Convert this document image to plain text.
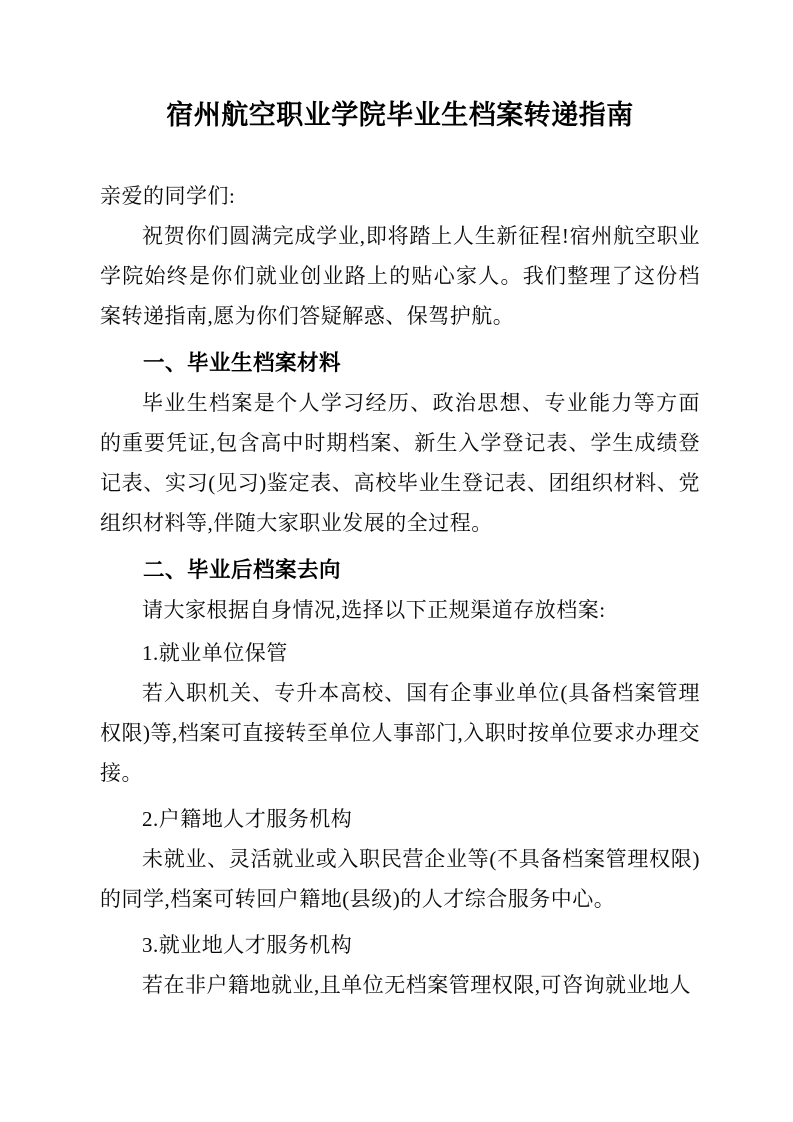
宿州航空职业学院毕业生档案转递指南

亲爱的同学们:

祝贺你们圆满完成学业,即将踏上人生新征程!宿州航空职业学院始终是你们就业创业路上的贴心家人。我们整理了这份档案转递指南,愿为你们答疑解惑、保驾护航。

一、毕业生档案材料

毕业生档案是个人学习经历、政治思想、专业能力等方面的重要凭证,包含高中时期档案、新生入学登记表、学生成绩登记表、实习(见习)鉴定表、高校毕业生登记表、团组织材料、党组织材料等,伴随大家职业发展的全过程。

二、毕业后档案去向

请大家根据自身情况,选择以下正规渠道存放档案:

1.就业单位保管

若入职机关、专升本高校、国有企事业单位(具备档案管理权限)等,档案可直接转至单位人事部门,入职时按单位要求办理交接。

2.户籍地人才服务机构

未就业、灵活就业或入职民营企业等(不具备档案管理权限)的同学,档案可转回户籍地(县级)的人才综合服务中心。

3.就业地人才服务机构

若在非户籍地就业,且单位无档案管理权限,可咨询就业地人
